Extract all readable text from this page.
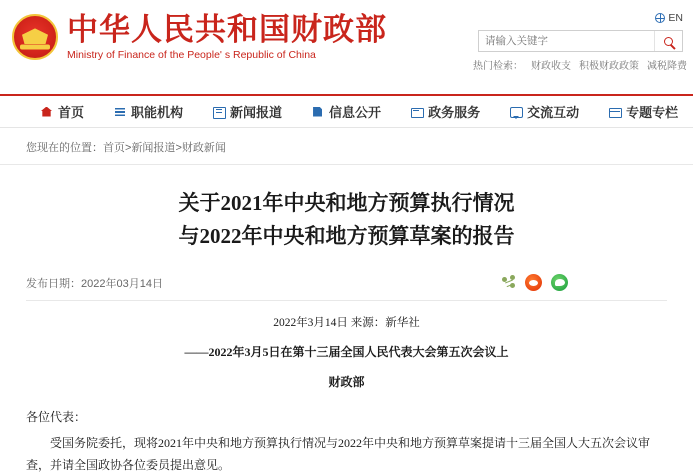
中华人民共和国财政部
Ministry of Finance of the People' s Republic of China
EN
请输入关键字
热门检索： 财政收支 积极财政政策 减税降费
首页	职能机构	新闻报道	信息公开	政务服务	交流互动	专题专栏
您现在的位置：首页>新闻报道>财政新闻
关于2021年中央和地方预算执行情况
与2022年中央和地方预算草案的报告
发布日期：2022年03月14日
2022年3月14日 来源：新华社
——2022年3月5日在第十三届全国人民代表大会第五次会议上
财政部

各位代表：

受国务院委托，现将2021年中央和地方预算执行情况与2022年中央和地方预算草案提请十三届全国人大五次会议审查，并请全国政协各位委员提出意见。
